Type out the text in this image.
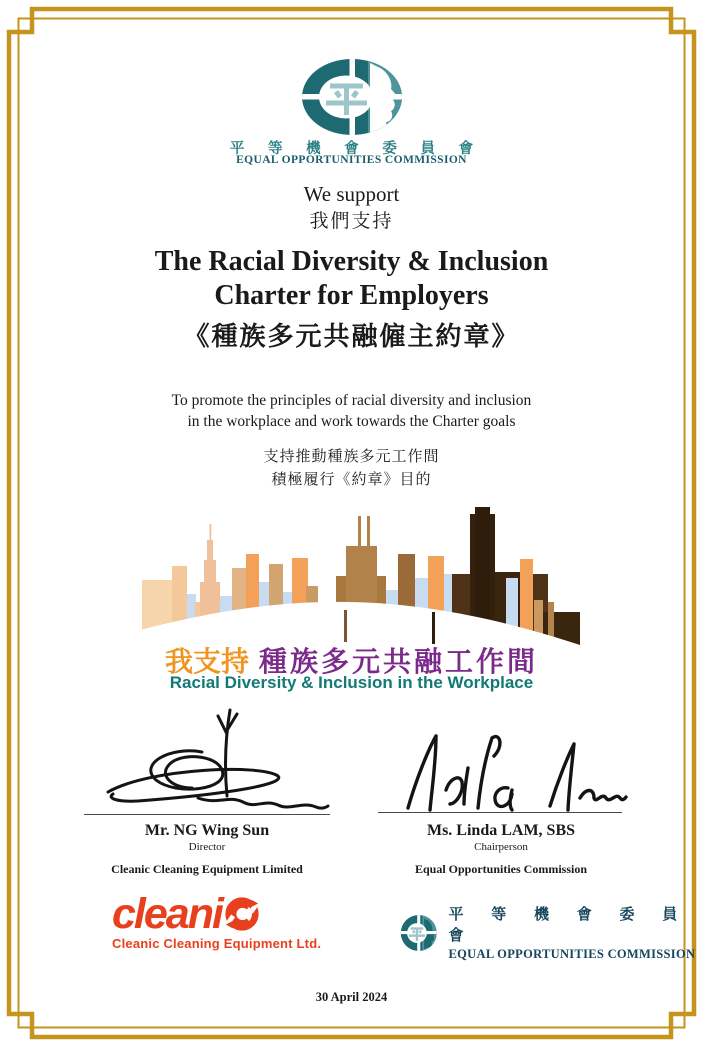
平 等 機 會 委 員 會
EQUAL OPPORTUNITIES COMMISSION
We support
我們支持
The Racial Diversity & Inclusion
Charter for Employers
《種族多元共融僱主約章》
To promote the principles of racial diversity and inclusion
in the workplace and work towards the Charter goals
支持推動種族多元工作間
積極履行《約章》目的
我支持 種族多元共融工作間
Racial Diversity & Inclusion in the Workplace
Mr. NG Wing Sun
Director
Cleanic Cleaning Equipment Limited
Ms. Linda LAM, SBS
Chairperson
Equal Opportunities Commission
cleani
Cleanic Cleaning Equipment Ltd.
平 等 機 會 委 員 會
EQUAL OPPORTUNITIES COMMISSION
30 April 2024
